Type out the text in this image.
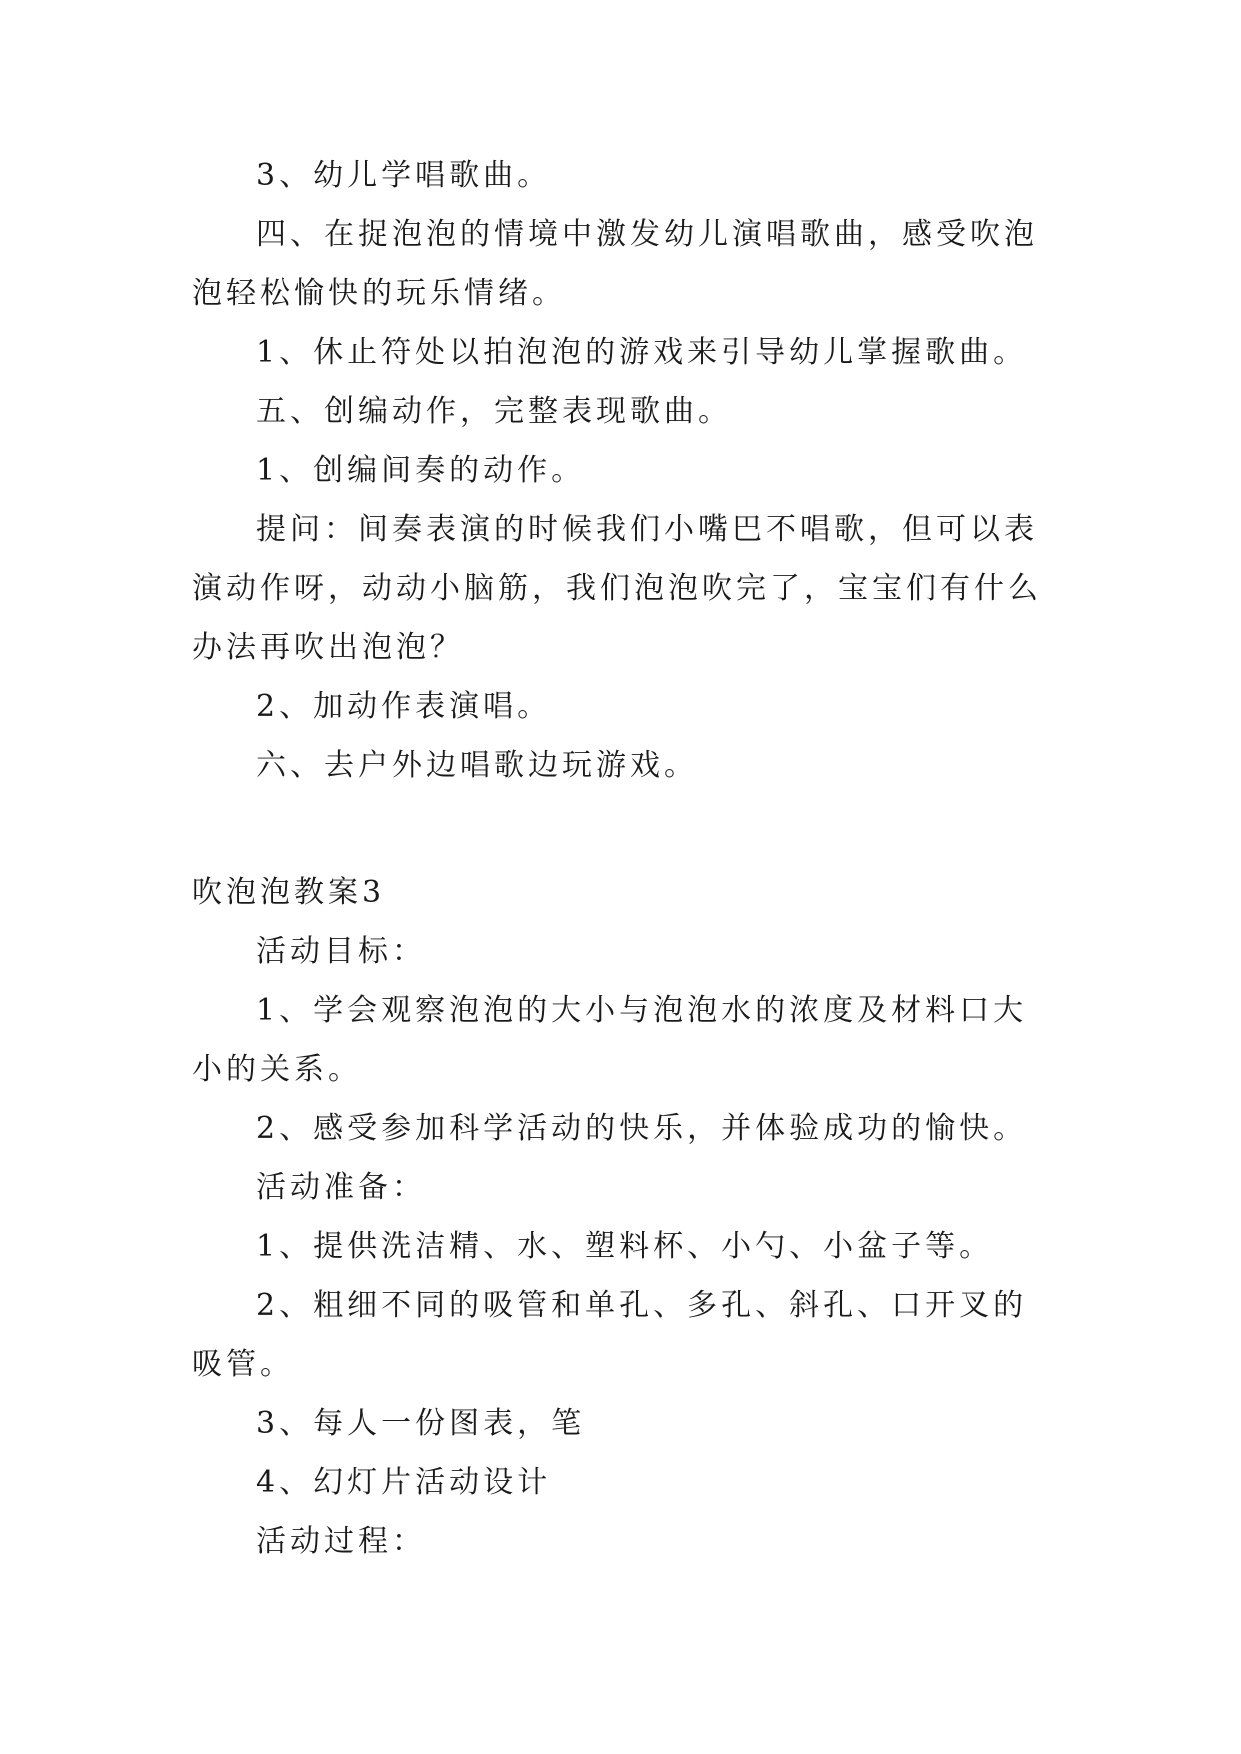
3、幼儿学唱歌曲。

四、在捉泡泡的情境中激发幼儿演唱歌曲，感受吹泡泡轻松愉快的玩乐情绪。

1、休止符处以拍泡泡的游戏来引导幼儿掌握歌曲。

五、创编动作，完整表现歌曲。

1、创编间奏的动作。

提问：间奏表演的时候我们小嘴巴不唱歌，但可以表演动作呀，动动小脑筋，我们泡泡吹完了，宝宝们有什么办法再吹出泡泡？

2、加动作表演唱。

六、去户外边唱歌边玩游戏。

吹泡泡教案3

活动目标：

1、学会观察泡泡的大小与泡泡水的浓度及材料口大小的关系。

2、感受参加科学活动的快乐，并体验成功的愉快。

活动准备：

1、提供洗洁精、水、塑料杯、小勺、小盆子等。

2、粗细不同的吸管和单孔、多孔、斜孔、口开叉的吸管。

3、每人一份图表，笔

4、幻灯片活动设计

活动过程：
